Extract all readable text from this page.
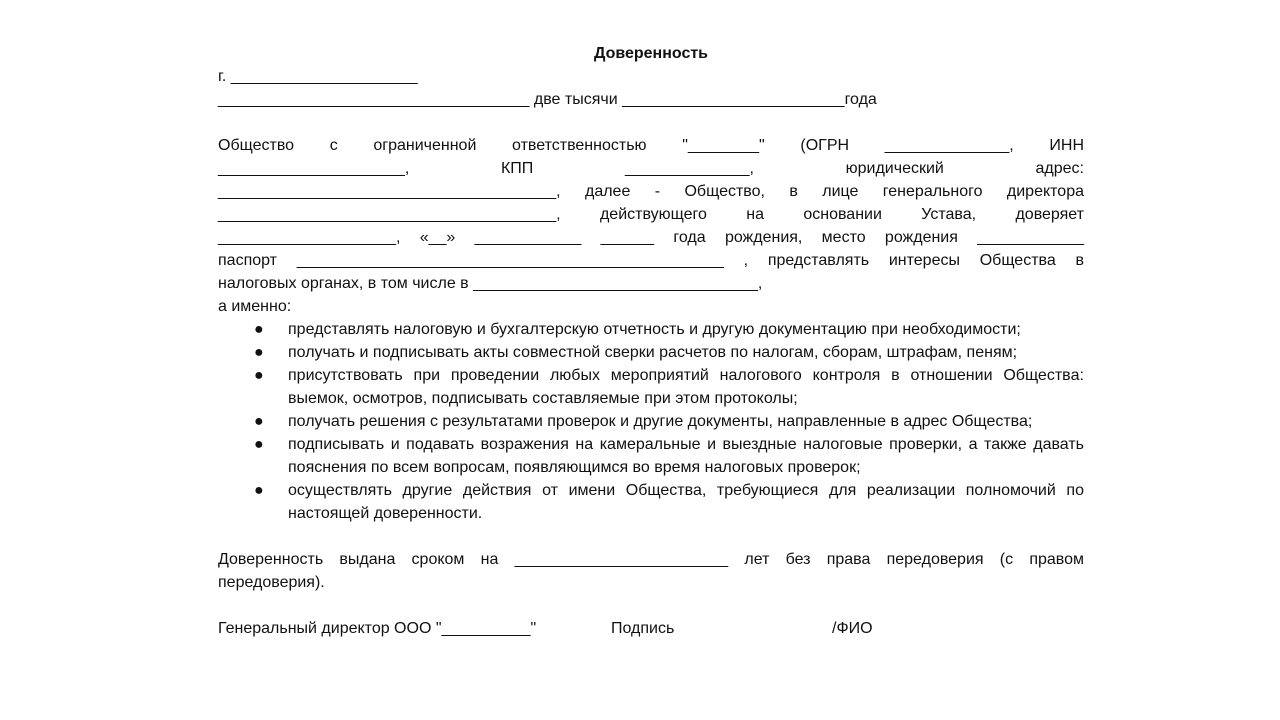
Доверенность

г. _____________________

___________________________________ две тысячи _________________________года

Общество с ограниченной ответственностью "________" (ОГРН ______________, ИНН

_____________________, КПП ______________, юридический адрес:

______________________________________, далее - Общество, в лице генерального директора

______________________________________, действующего на основании Устава, доверяет

____________________, «__» ____________ ______ года рождения, место рождения ____________

паспорт ________________________________________________ , представлять интересы Общества в

налоговых органах, в том числе в ________________________________,

а именно:

● представлять налоговую и бухгалтерскую отчетность и другую документацию при необходимости;
● получать и подписывать акты совместной сверки расчетов по налогам, сборам, штрафам, пеням;
● присутствовать при проведении любых мероприятий налогового контроля в отношении Обществa: выемок, осмотров, подписывать составляемые при этом протоколы;
● получать решения с результатами проверок и другие документы, направленные в адрес Общества;
● подписывать и подавать возражения на камеральные и выездные налоговые проверки, а также давать пояснения по всем вопросам, появляющимся во время налоговых проверок;
● осуществлять другие действия от имени Общества, требующиеся для реализации полномочий по настоящей доверенности.

Доверенность выдана сроком на ________________________ лет без права передоверия (с правом

передоверия).

Генеральный директор ООО "__________"	Подпись	/ФИО
